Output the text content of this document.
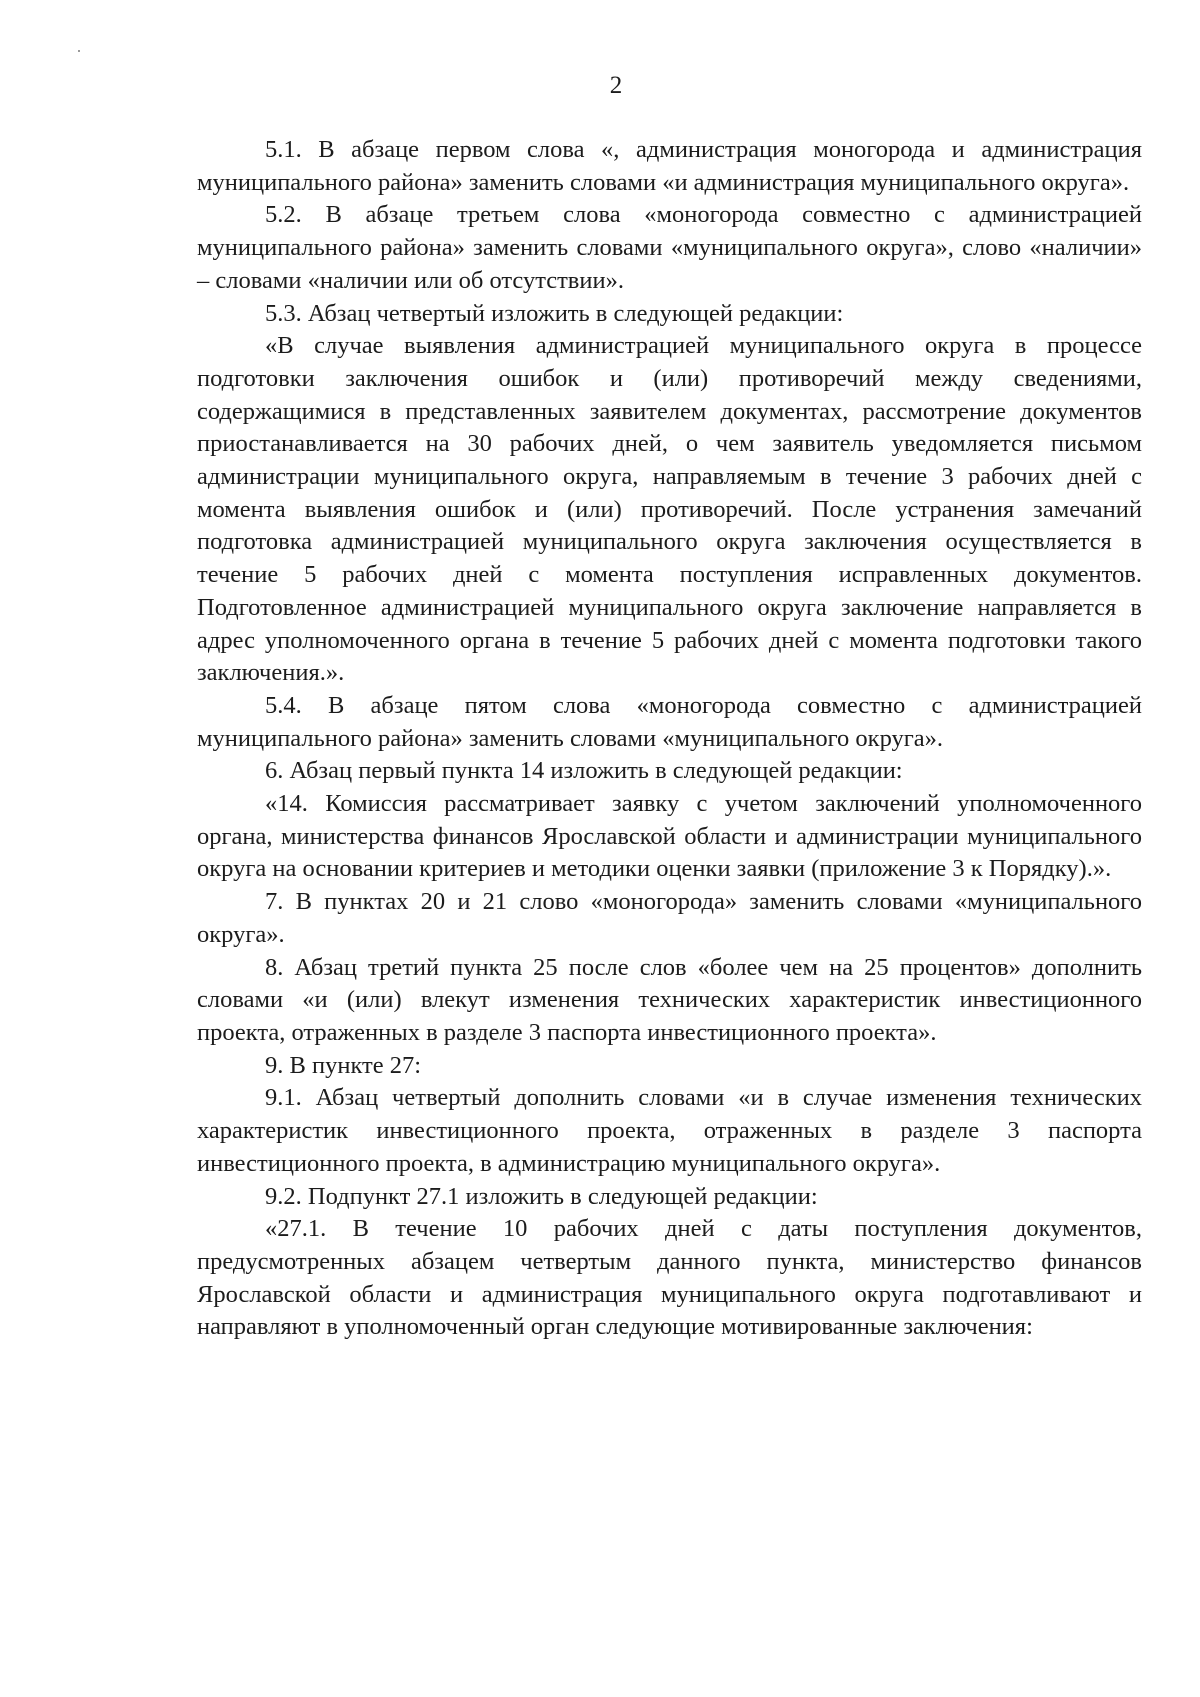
2

5.1. В абзаце первом слова «, администрация моногорода и администрация муниципального района» заменить словами «и администрация муниципального округа».

5.2. В абзаце третьем слова «моногорода совместно с администрацией муниципального района» заменить словами «муниципального округа», слово «наличии» – словами «наличии или об отсутствии».

5.3. Абзац четвертый изложить в следующей редакции:

«В случае выявления администрацией муниципального округа в процессе подготовки заключения ошибок и (или) противоречий между сведениями, содержащимися в представленных заявителем документах, рассмотрение документов приостанавливается на 30 рабочих дней, о чем заявитель уведомляется письмом администрации муниципального округа, направляемым в течение 3 рабочих дней с момента выявления ошибок и (или) противоречий. После устранения замечаний подготовка администрацией муниципального округа заключения осуществляется в течение 5 рабочих дней с момента поступления исправленных документов. Подготовленное администрацией муниципального округа заключение направляется в адрес уполномоченного органа в течение 5 рабочих дней с момента подготовки такого заключения.».

5.4. В абзаце пятом слова «моногорода совместно с администрацией муниципального района» заменить словами «муниципального округа».

6. Абзац первый пункта 14 изложить в следующей редакции:

«14. Комиссия рассматривает заявку с учетом заключений уполномоченного органа, министерства финансов Ярославской области и администрации муниципального округа на основании критериев и методики оценки заявки (приложение 3 к Порядку).».

7. В пунктах 20 и 21 слово «моногорода» заменить словами «муниципального округа».

8. Абзац третий пункта 25 после слов «более чем на 25 процентов» дополнить словами «и (или) влекут изменения технических характеристик инвестиционного проекта, отраженных в разделе 3 паспорта инвестиционного проекта».

9. В пункте 27:

9.1. Абзац четвертый дополнить словами «и в случае изменения технических характеристик инвестиционного проекта, отраженных в разделе 3 паспорта инвестиционного проекта, в администрацию муниципального округа».

9.2. Подпункт 27.1 изложить в следующей редакции:

«27.1. В течение 10 рабочих дней с даты поступления документов, предусмотренных абзацем четвертым данного пункта, министерство финансов Ярославской области и администрация муниципального округа подготавливают и направляют в уполномоченный орган следующие мотивированные заключения:
